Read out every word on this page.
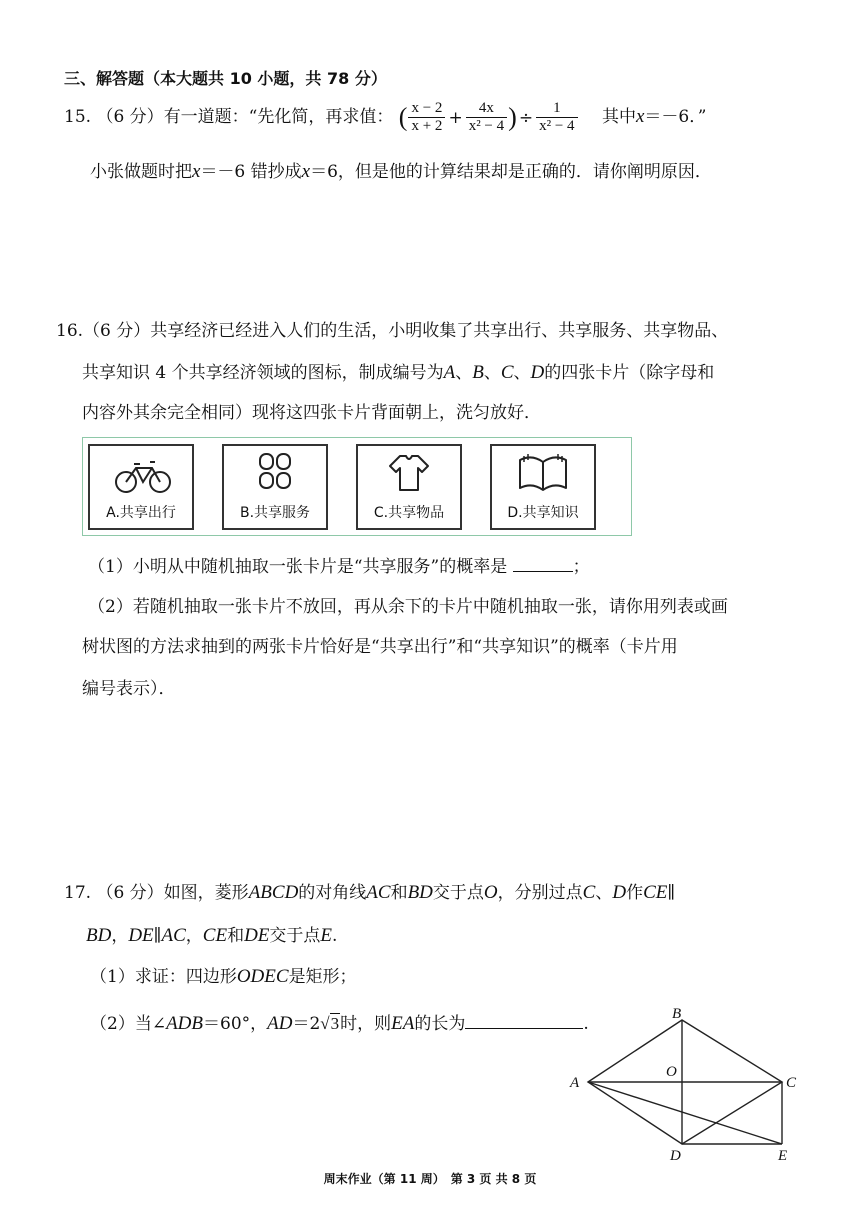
三、解答题（本大题共 10 小题，共 78 分）
15. （6 分）有一道题：“先化简，再求值： ( $\frac{x - 2}{x + 2} + \frac{4x}{\text{x² − 4}}$ ) ÷ $\frac{1}{\text{x² − 4}}$ 其中x＝－6．”
小张做题时把x＝－6 错抄成x＝6，但是他的计算结果却是正确的．请你阐明原因．
16.（6 分）共享经济已经进入人们的生活，小明收集了共享出行、共享服务、共享物品、
共享知识 4 个共享经济领域的图标，制成编号为A、B、C、D的四张卡片（除字母和
内容外其余完全相同）现将这四张卡片背面朝上，洗匀放好．
A.共享出行	B.共享服务	C.共享物品	D.共享知识
（1）小明从中随机抽取一张卡片是“共享服务”的概率是	；
（2）若随机抽取一张卡片不放回，再从余下的卡片中随机抽取一张，请你用列表或画
树状图的方法求抽到的两张卡片恰好是“共享出行”和“共享知识”的概率（卡片用
编号表示）．
17. （6 分）如图，菱形ABCD的对角线AC和BD交于点O，分别过点C、D作CE∥
BD，DE∥AC，CE和DE交于点E.
（1）求证：四边形ODEC是矩形；
（2）当∠ADB＝60°，AD＝2√3时，则EA的长为	.
A
B
C
D	E
O
周末作业（第 11 周）　第 3 页 共 8 页
